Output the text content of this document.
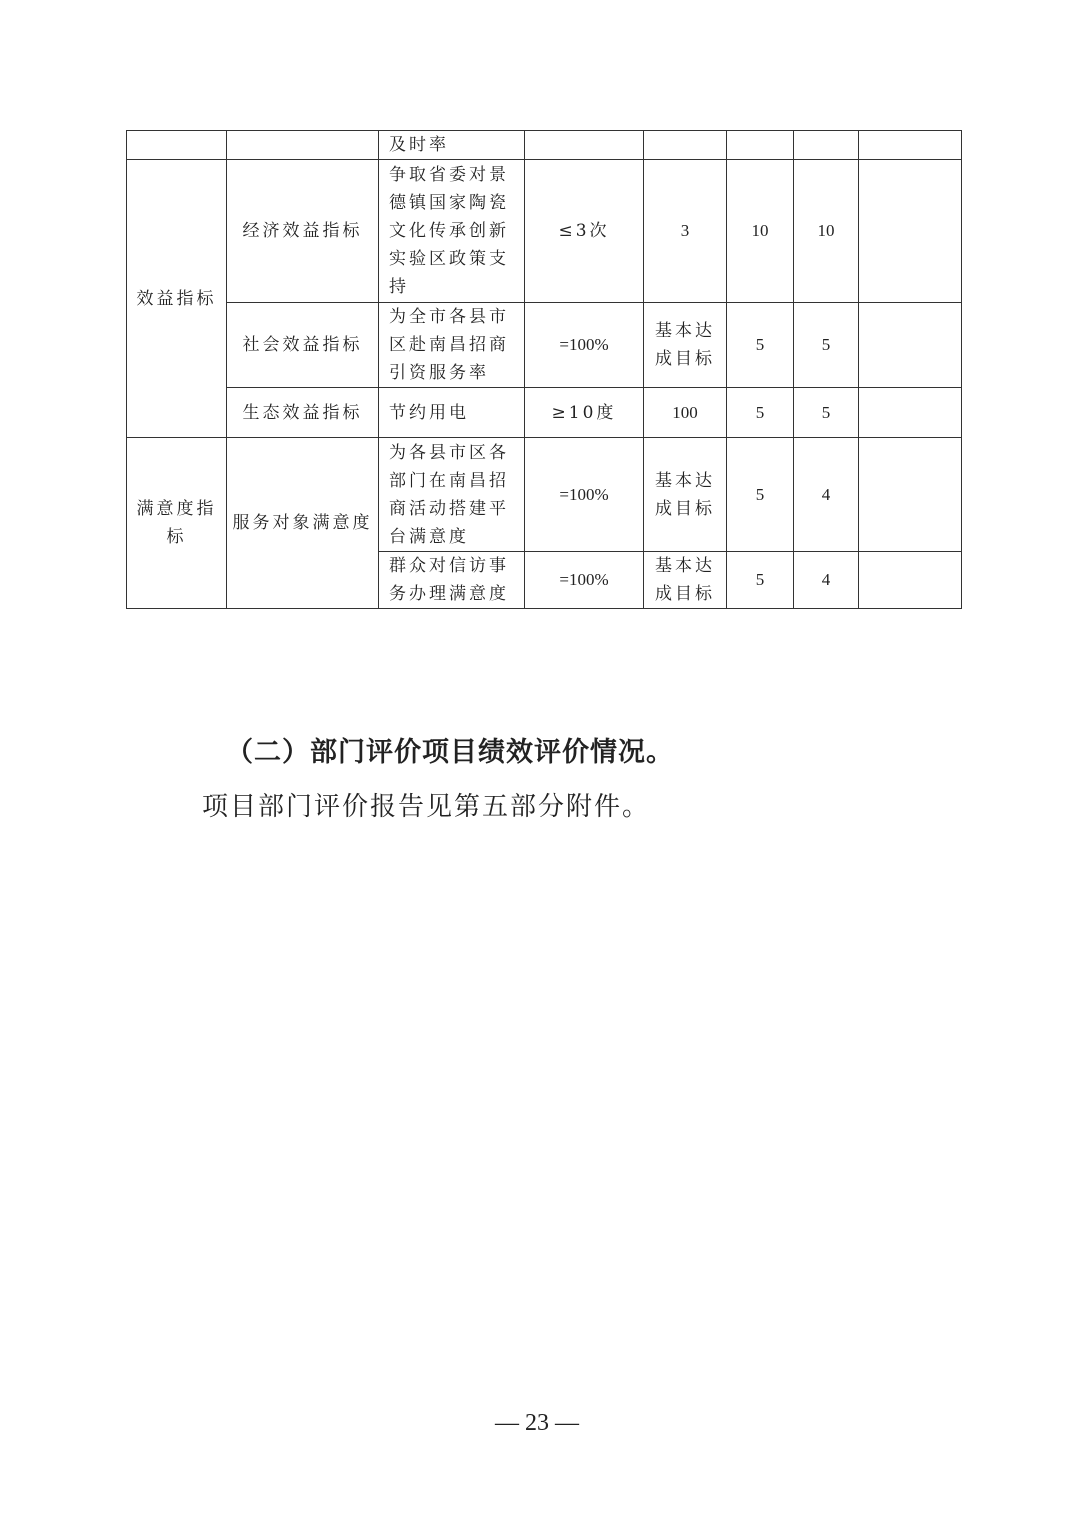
		及时率					
效益指标	经济效益指标	争取省委对景德镇国家陶瓷文化传承创新实验区政策支持	≤3次	3	10	10	
	社会效益指标	为全市各县市区赴南昌招商引资服务率	=100%	基本达成目标	5	5	
	生态效益指标	节约用电	≥10度	100	5	5	
满意度指标	服务对象满意度	为各县市区各部门在南昌招商活动搭建平台满意度	=100%	基本达成目标	5	4	
		群众对信访事务办理满意度	=100%	基本达成目标	5	4	
（二）部门评价项目绩效评价情况。
项目部门评价报告见第五部分附件。
— 23 —
